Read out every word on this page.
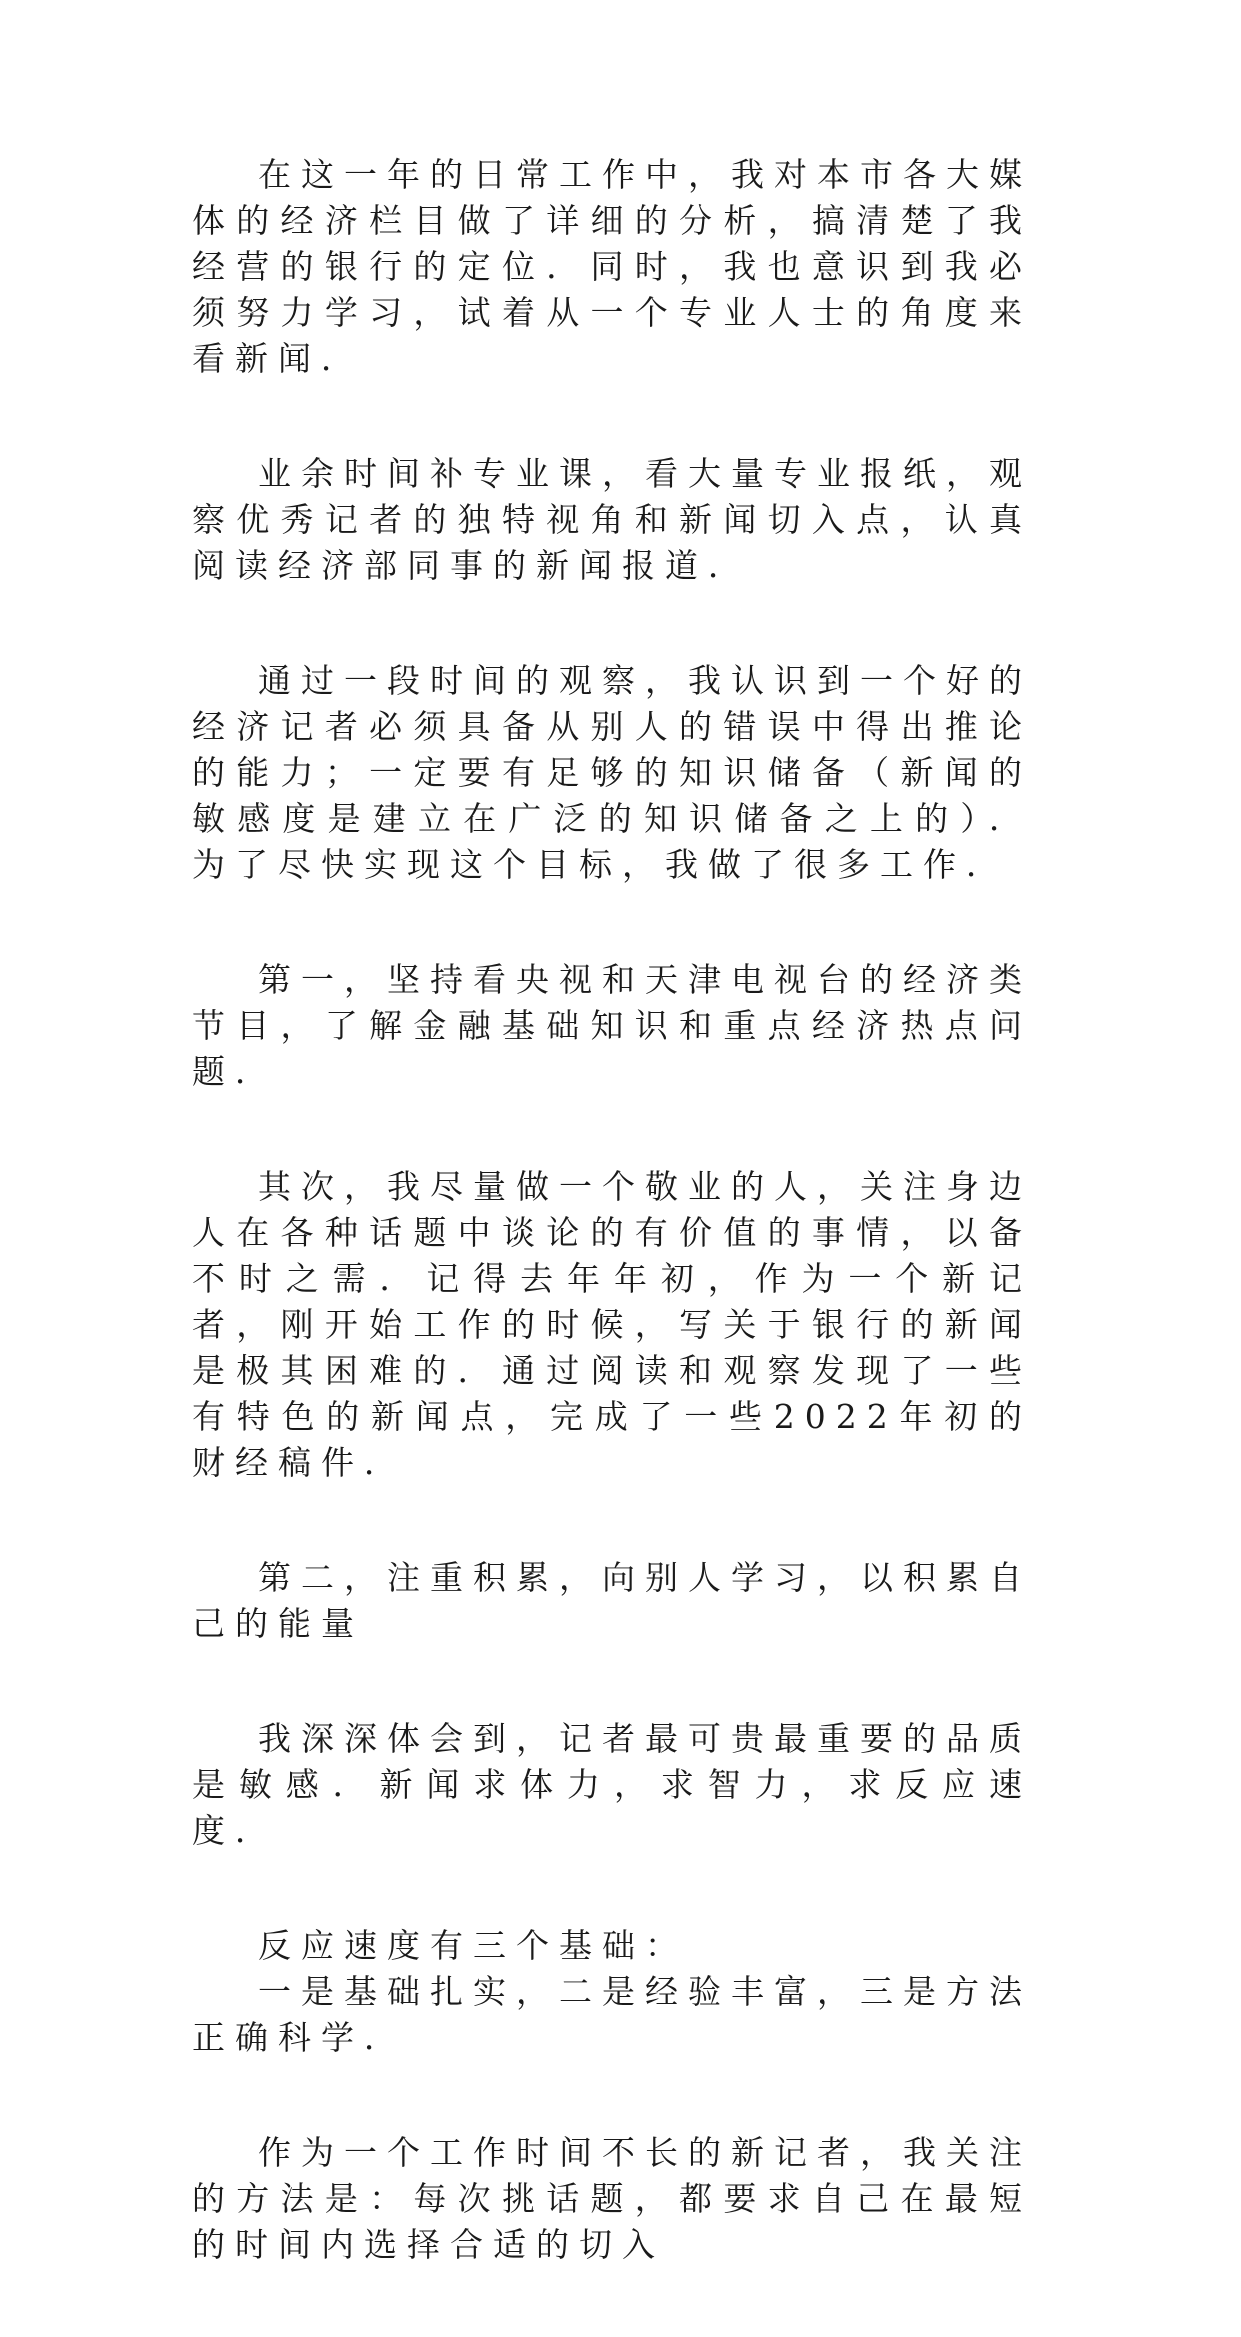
在这一年的日常工作中，我对本市各大媒体的经济栏目做了详细的分析，搞清楚了我经营的银行的定位．同时，我也意识到我必须努力学习，试着从一个专业人士的角度来看新闻．

业余时间补专业课，看大量专业报纸，观察优秀记者的独特视角和新闻切入点，认真阅读经济部同事的新闻报道．

通过一段时间的观察，我认识到一个好的经济记者必须具备从别人的错误中得出推论的能力；一定要有足够的知识储备（新闻的敏感度是建立在广泛的知识储备之上的）．为了尽快实现这个目标，我做了很多工作．

第一，坚持看央视和天津电视台的经济类节目，了解金融基础知识和重点经济热点问题．

其次，我尽量做一个敬业的人，关注身边人在各种话题中谈论的有价值的事情，以备不时之需．记得去年年初，作为一个新记者，刚开始工作的时候，写关于银行的新闻是极其困难的．通过阅读和观察发现了一些有特色的新闻点，完成了一些2022年初的财经稿件．

第二，注重积累，向别人学习，以积累自己的能量

我深深体会到，记者最可贵最重要的品质是敏感．新闻求体力，求智力，求反应速度．

反应速度有三个基础：

一是基础扎实，二是经验丰富，三是方法正确科学．

作为一个工作时间不长的新记者，我关注的方法是：每次挑话题，都要求自己在最短的时间内选择合适的切入
